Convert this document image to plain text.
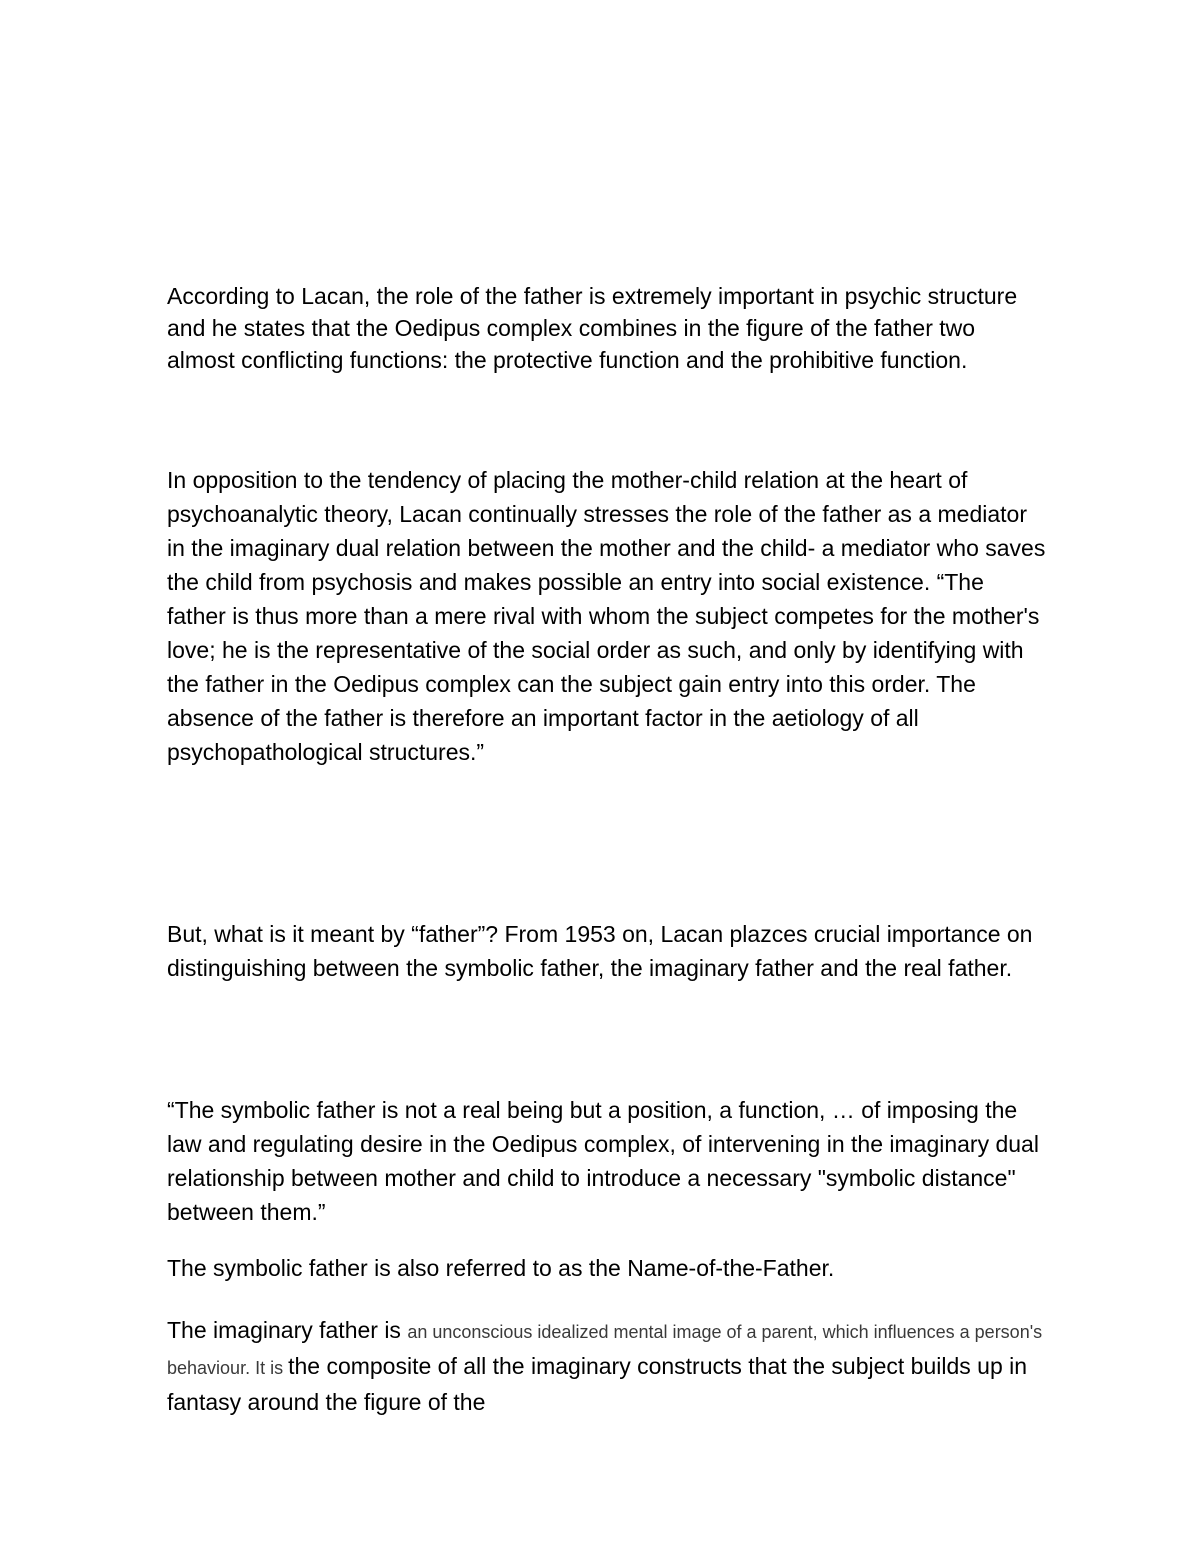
According to Lacan, the role of the father is extremely important in psychic structure and he states that the Oedipus complex combines in the figure of the father two almost conflicting functions: the protective function and the prohibitive function.

In opposition to the tendency of placing the mother-child relation at the heart of psychoanalytic theory, Lacan continually stresses the role of the father as a mediator in the imaginary dual relation between the mother and the child- a mediator who saves the child from psychosis and makes possible an entry into social existence. “The father is thus more than a mere rival with whom the subject competes for the mother's love; he is the representative of the social order as such, and only by identifying with the father in the Oedipus complex can the subject gain entry into this order. The absence of the father is therefore an important factor in the aetiology of all psychopathological structures.”

But, what is it meant by “father”? From 1953 on, Lacan plazces crucial importance on distinguishing between the symbolic father, the imaginary father and the real father.

“The symbolic father is not a real being but a position, a function, … of imposing the law and regulating desire in the Oedipus complex, of intervening in the imaginary dual relationship between mother and child to introduce a necessary "symbolic distance" between them.”

The symbolic father is also referred to as the Name-of-the-Father.

The imaginary father is an unconscious idealized mental image of a parent, which influences a person's behaviour. It is the composite of all the imaginary constructs that the subject builds up in fantasy around the figure of the
